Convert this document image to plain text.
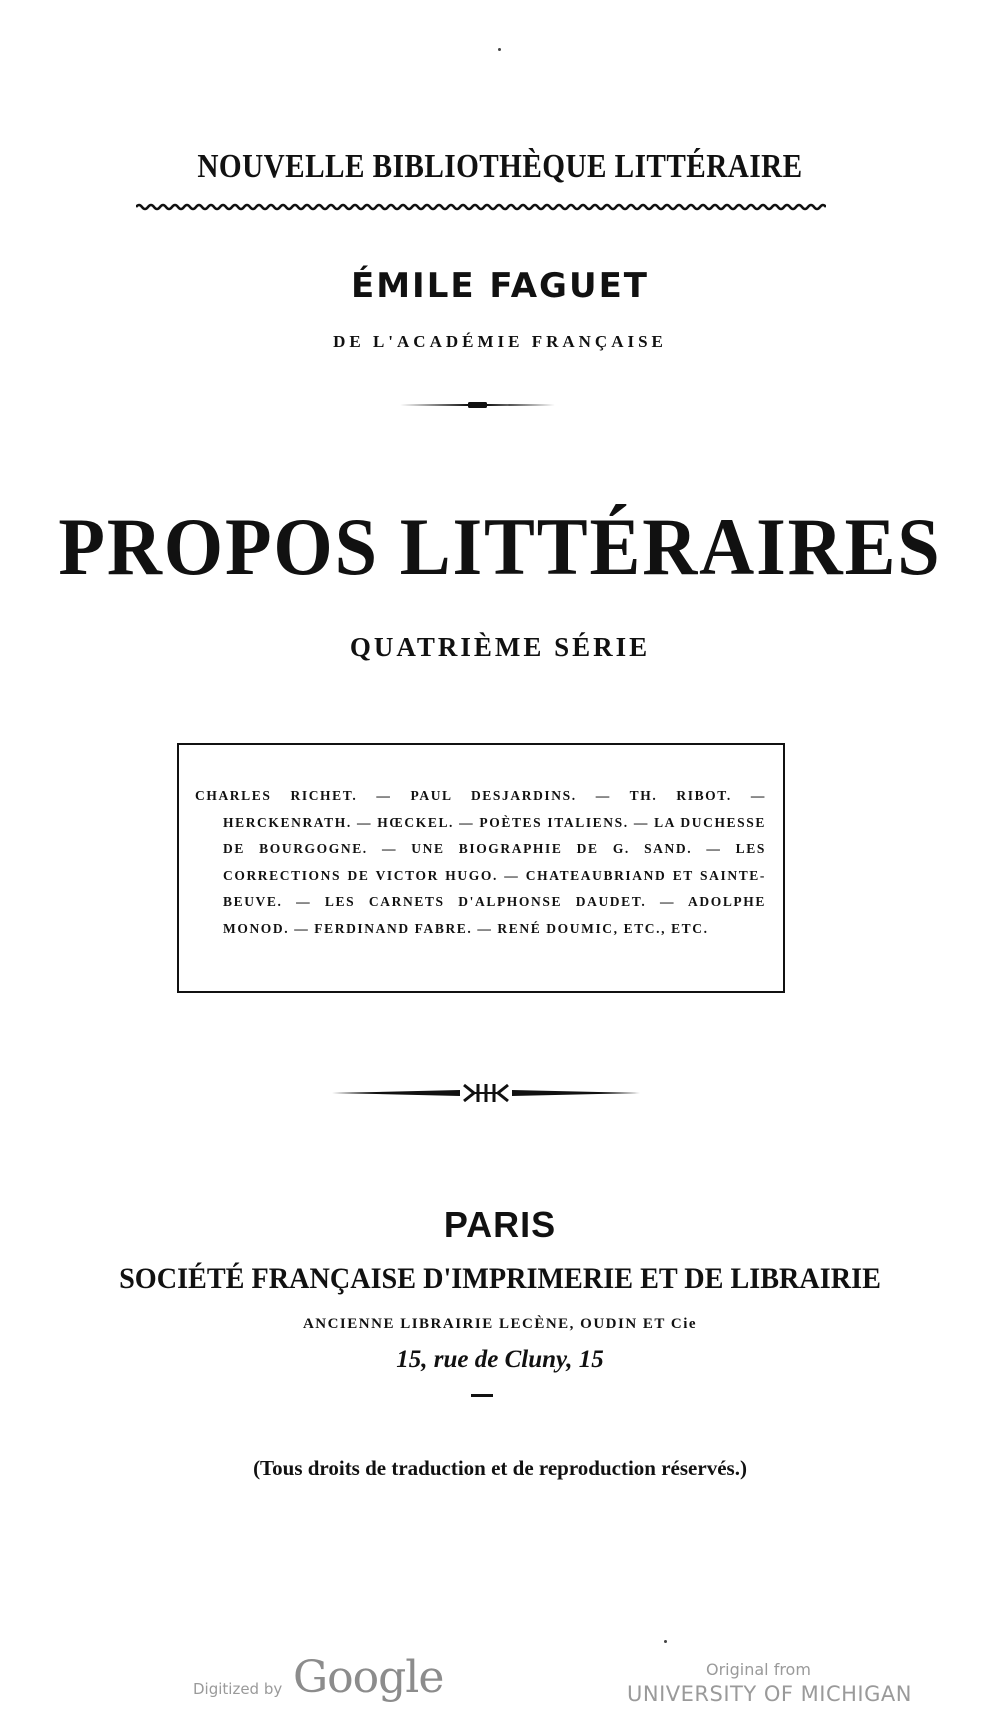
NOUVELLE BIBLIOTHÈQUE LITTÉRAIRE
ÉMILE FAGUET
DE L'ACADÉMIE FRANÇAISE
PROPOS LITTÉRAIRES
QUATRIÈME SÉRIE

CHARLES RICHET. — PAUL DESJARDINS. — TH. RIBOT. — HERCKENRATH. — HŒCKEL. — POÈTES ITALIENS. — LA DUCHESSE DE BOURGOGNE. — UNE BIOGRAPHIE DE G. SAND. — LES CORRECTIONS DE VICTOR HUGO. — CHATEAUBRIAND ET SAINTE-BEUVE. — LES CARNETS D'ALPHONSE DAUDET. — ADOLPHE MONOD. — FERDINAND FABRE. — RENÉ DOUMIC, ETC., ETC.

PARIS
SOCIÉTÉ FRANÇAISE D'IMPRIMERIE ET DE LIBRAIRIE
ANCIENNE LIBRAIRIE LECÈNE, OUDIN ET Cie
15, rue de Cluny, 15
(Tous droits de traduction et de reproduction réservés.)
Digitized by Google	Original from
UNIVERSITY OF MICHIGAN
